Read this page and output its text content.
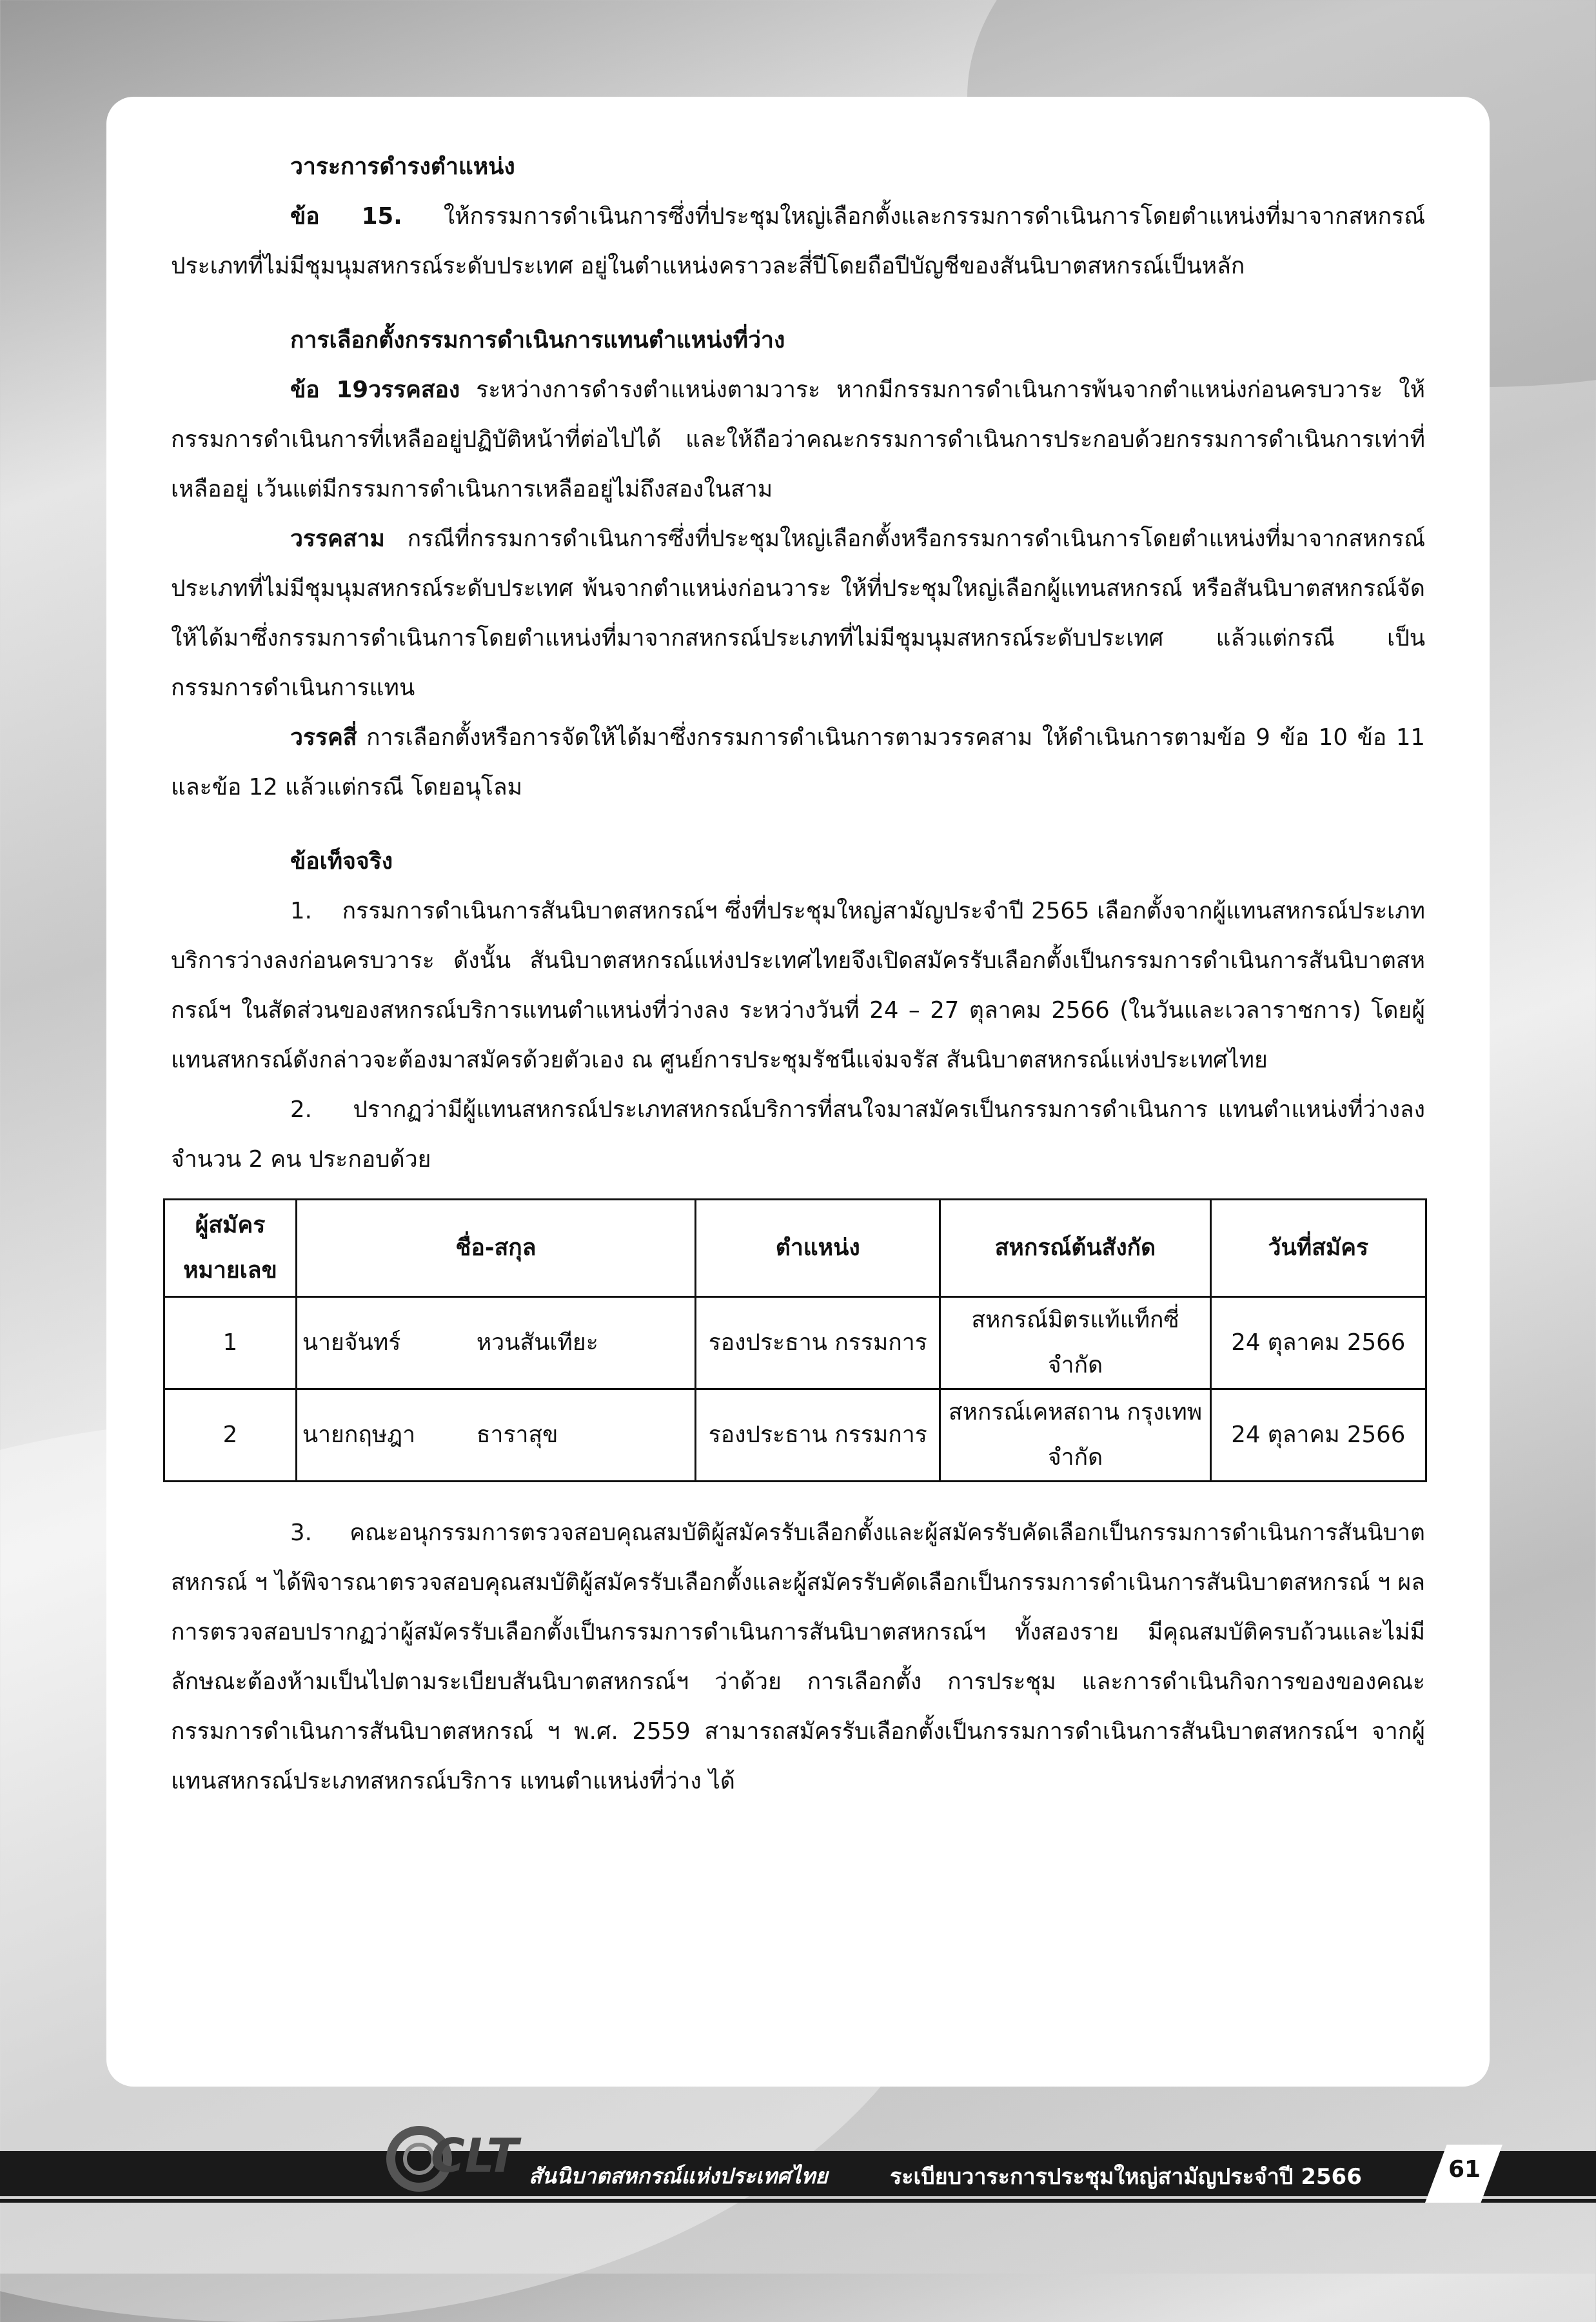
วาระการดำรงตำแหน่ง

ข้อ 15. ให้กรรมการดำเนินการซึ่งที่ประชุมใหญ่เลือกตั้งและกรรมการดำเนินการโดยตำแหน่งที่มาจากสหกรณ์ประเภทที่ไม่มีชุมนุมสหกรณ์ระดับประเทศ อยู่ในตำแหน่งคราวละสี่ปีโดยถือปีบัญชีของสันนิบาตสหกรณ์เป็นหลัก

การเลือกตั้งกรรมการดำเนินการแทนตำแหน่งที่ว่าง

ข้อ 19วรรคสอง ระหว่างการดำรงตำแหน่งตามวาระ หากมีกรรมการดำเนินการพ้นจากตำแหน่งก่อนครบวาระ ให้กรรมการดำเนินการที่เหลืออยู่ปฏิบัติหน้าที่ต่อไปได้ และให้ถือว่าคณะกรรมการดำเนินการประกอบด้วยกรรมการดำเนินการเท่าที่เหลืออยู่ เว้นแต่มีกรรมการดำเนินการเหลืออยู่ไม่ถึงสองในสาม

วรรคสาม กรณีที่กรรมการดำเนินการซึ่งที่ประชุมใหญ่เลือกตั้งหรือกรรมการดำเนินการโดยตำแหน่งที่มาจากสหกรณ์ประเภทที่ไม่มีชุมนุมสหกรณ์ระดับประเทศ พ้นจากตำแหน่งก่อนวาระ ให้ที่ประชุมใหญ่เลือกผู้แทนสหกรณ์ หรือสันนิบาตสหกรณ์จัดให้ได้มาซึ่งกรรมการดำเนินการโดยตำแหน่งที่มาจากสหกรณ์ประเภทที่ไม่มีชุมนุมสหกรณ์ระดับประเทศ แล้วแต่กรณี เป็นกรรมการดำเนินการแทน

วรรคสี่ การเลือกตั้งหรือการจัดให้ได้มาซึ่งกรรมการดำเนินการตามวรรคสาม ให้ดำเนินการตามข้อ 9 ข้อ 10 ข้อ 11 และข้อ 12 แล้วแต่กรณี โดยอนุโลม

ข้อเท็จจริง

1.    กรรมการดำเนินการสันนิบาตสหกรณ์ฯ ซึ่งที่ประชุมใหญ่สามัญประจำปี 2565 เลือกตั้งจากผู้แทนสหกรณ์ประเภทบริการว่างลงก่อนครบวาระ ดังนั้น สันนิบาตสหกรณ์แห่งประเทศไทยจึงเปิดสมัครรับเลือกตั้งเป็นกรรมการดำเนินการสันนิบาตสหกรณ์ฯ ในสัดส่วนของสหกรณ์บริการแทนตำแหน่งที่ว่างลง ระหว่างวันที่ 24 – 27 ตุลาคม 2566 (ในวันและเวลาราชการ) โดยผู้แทนสหกรณ์ดังกล่าวจะต้องมาสมัครด้วยตัวเอง ณ ศูนย์การประชุมรัชนีแจ่มจรัส สันนิบาตสหกรณ์แห่งประเทศไทย

2.    ปรากฏว่ามีผู้แทนสหกรณ์ประเภทสหกรณ์บริการที่สนใจมาสมัครเป็นกรรมการดำเนินการ แทนตำแหน่งที่ว่างลง จำนวน 2 คน ประกอบด้วย

ผู้สมัคร หมายเลข	ชื่อ-สกุล	ตำแหน่ง	สหกรณ์ต้นสังกัด	วันที่สมัคร
1	นายจันทร์ หวนสันเทียะ	รองประธาน กรรมการ	สหกรณ์มิตรแท้แท็กซี่ จำกัด	24 ตุลาคม 2566
2	นายกฤษฎา ธาราสุข	รองประธาน กรรมการ	สหกรณ์เคหสถาน กรุงเทพ จำกัด	24 ตุลาคม 2566

3.    คณะอนุกรรมการตรวจสอบคุณสมบัติผู้สมัครรับเลือกตั้งและผู้สมัครรับคัดเลือกเป็นกรรมการดำเนินการสันนิบาตสหกรณ์ ฯ ได้พิจารณาตรวจสอบคุณสมบัติผู้สมัครรับเลือกตั้งและผู้สมัครรับคัดเลือกเป็นกรรมการดำเนินการสันนิบาตสหกรณ์ ฯ ผลการตรวจสอบปรากฏว่าผู้สมัครรับเลือกตั้งเป็นกรรมการดำเนินการสันนิบาตสหกรณ์ฯ ทั้งสองราย มีคุณสมบัติครบถ้วนและไม่มีลักษณะต้องห้ามเป็นไปตามระเบียบสันนิบาตสหกรณ์ฯ ว่าด้วย การเลือกตั้ง การประชุม และการดำเนินกิจการของของคณะกรรมการดำเนินการสันนิบาตสหกรณ์ ฯ พ.ศ. 2559 สามารถสมัครรับเลือกตั้งเป็นกรรมการดำเนินการสันนิบาตสหกรณ์ฯ จากผู้แทนสหกรณ์ประเภทสหกรณ์บริการ แทนตำแหน่งที่ว่าง ได้

CLT สันนิบาตสหกรณ์แห่งประเทศไทย	ระเบียบวาระการประชุมใหญ่สามัญประจำปี 2566	61
